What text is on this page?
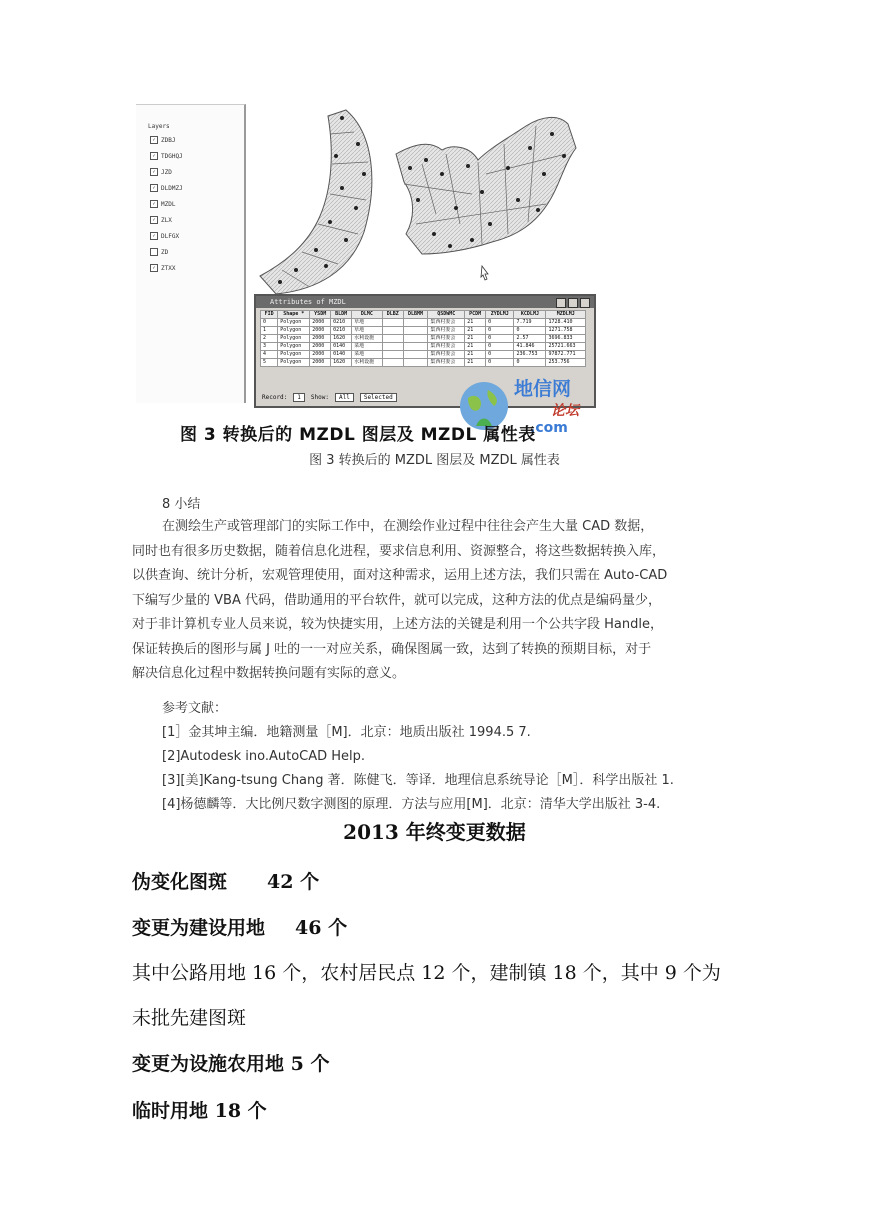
Layers
✓ ZDBJ
✓ TDGHQJ
✓ JZD
✓ DLDMZJ
✓ MZDL
✓ ZLX
✓ DLFGX
ZD
✓ ZTXX
Attributes of MZDL
FID	Shape *	YSDM	BLDM	DLMC	DLBZ	DLBMM	QSDWMC	PCDM	ZYDLMJ	KCDLMJ	MZDLMJ
0	Polygon	2000	0210	草地			集西村委会	21	0	7.719	1728.410
1	Polygon	2000	0210	草地			集西村委会	21	0	0	1271.758
2	Polygon	2000	1620	水利设施			集西村委会	21	0	2.57	3696.833
3	Polygon	2000	0140	菜地			集西村委会	21	0	41.846	25721.663
4	Polygon	2000	0140	菜地			集西村委会	21	0	236.753	97872.771
5	Polygon	2000	1620	水利设施			集西村委会	21	0	0	253.756
Record:	1	Show:	All	Selected	地信网
论坛
.com
图 3 转换后的 MZDL 图层及 MZDL 属性表
图 3 转换后的 MZDL 图层及 MZDL 属性表
8 小结

在测绘生产或管理部门的实际工作中，在测绘作业过程中往往会产生大量 CAD 数据，

同时也有很多历史数据，随着信息化进程，要求信息利用、资源整合，将这些数据转换入库，

以供查询、统计分析，宏观管理使用，面对这种需求，运用上述方法，我们只需在 Auto-CAD

下编写少量的 VBA 代码，借助通用的平台软件，就可以完成，这种方法的优点是编码量少，

对于非计算机专业人员来说，较为快捷实用，上述方法的关键是利用一个公共字段 Handle，

保证转换后的图形与属 J 吐的一一对应关系，确保图属一致，达到了转换的预期目标，对于

解决信息化过程中数据转换问题有实际的意义。

参考文献：
[1］金其坤主编．地籍测量［M]．北京：地质出版社 1994.5 7.
[2]Autodesk ino.AutoCAD Help.
[3][美]Kang-tsung Chang 著．陈健飞．等译．地理信息系统导论［M］．科学出版社 1.
[4]杨德麟等．大比例尺数字测图的原理．方法与应用[M]．北京：清华大学出版社 3-4.
2013 年终变更数据
伪变化图斑 42 个
变更为建设用地 46 个
其中公路用地 16 个，农村居民点 12 个，建制镇 18 个，其中 9 个为
未批先建图斑
变更为设施农用地 5 个
临时用地 18 个
